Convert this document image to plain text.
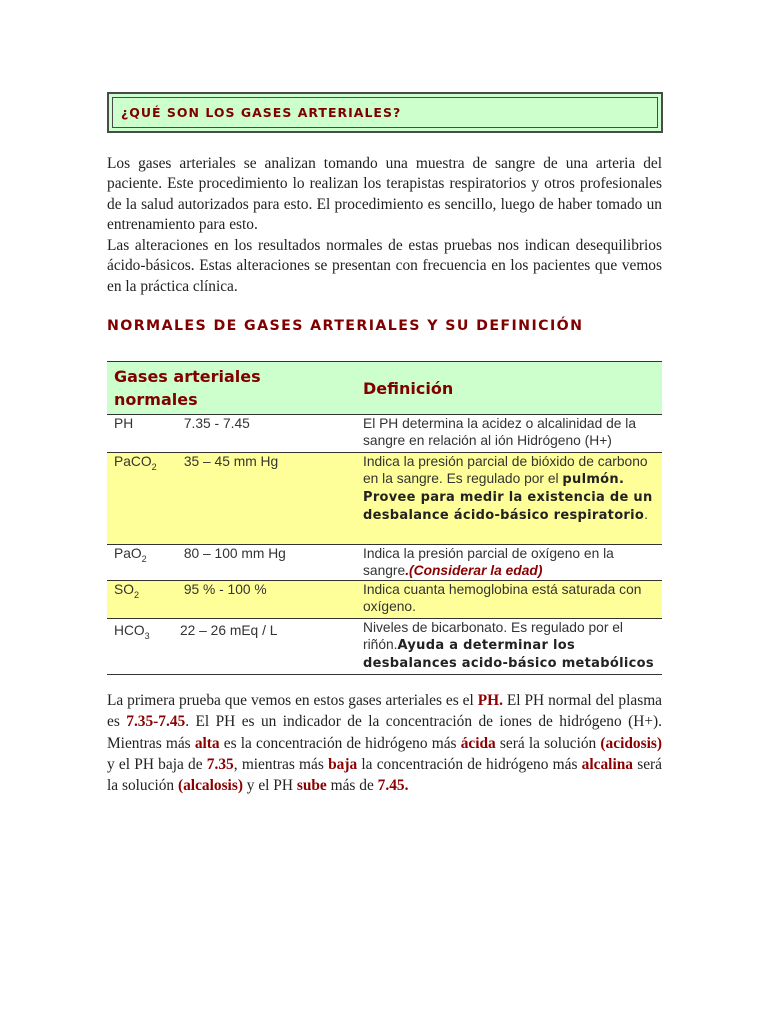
¿QUÉ SON LOS GASES ARTERIALES?
Los gases arteriales se analizan tomando una muestra de sangre de una arteria del paciente. Este procedimiento lo realizan los terapistas respiratorios y otros profesionales de la salud autorizados para esto. El procedimiento es sencillo, luego de haber tomado un entrenamiento para esto.
Las alteraciones en los resultados normales de estas pruebas nos indican desequilibrios ácido-básicos. Estas alteraciones se presentan con frecuencia en los pacientes que vemos en la práctica clínica.
NORMALES DE GASES ARTERIALES Y SU DEFINICIÓN
Gases arteriales normales	Definición
PH 7.35 - 7.45	El PH determina la acidez o alcalinidad de la sangre en relación al ión Hidrógeno (H+)
PaCO$_2$ 35 – 45 mm Hg	Indica la presión parcial de bióxido de carbono en la sangre. Es regulado por el pulmón. Provee para medir la existencia de un desbalance ácido-básico respiratorio.
PaO$_2$ 80 – 100 mm Hg	Indica la presión parcial de oxígeno en la sangre.(Considerar la edad)
$SO_2$ 95 % - 100 %	Indica cuanta hemoglobina está saturada con oxígeno.
$HCO_3$ 22 – 26 mEq / L	Niveles de bicarbonato. Es regulado por el riñón.Ayuda a determinar los desbalances acido-básico metabólicos
La primera prueba que vemos en estos gases arteriales es el PH. El PH normal del plasma es 7.35-7.45. El PH es un indicador de la concentración de iones de hidrógeno (H+). Mientras más alta es la concentración de hidrógeno más ácida será la solución (acidosis) y el PH baja de 7.35, mientras más baja la concentración de hidrógeno más alcalina será la solución (alcalosis) y el PH sube más de 7.45.
